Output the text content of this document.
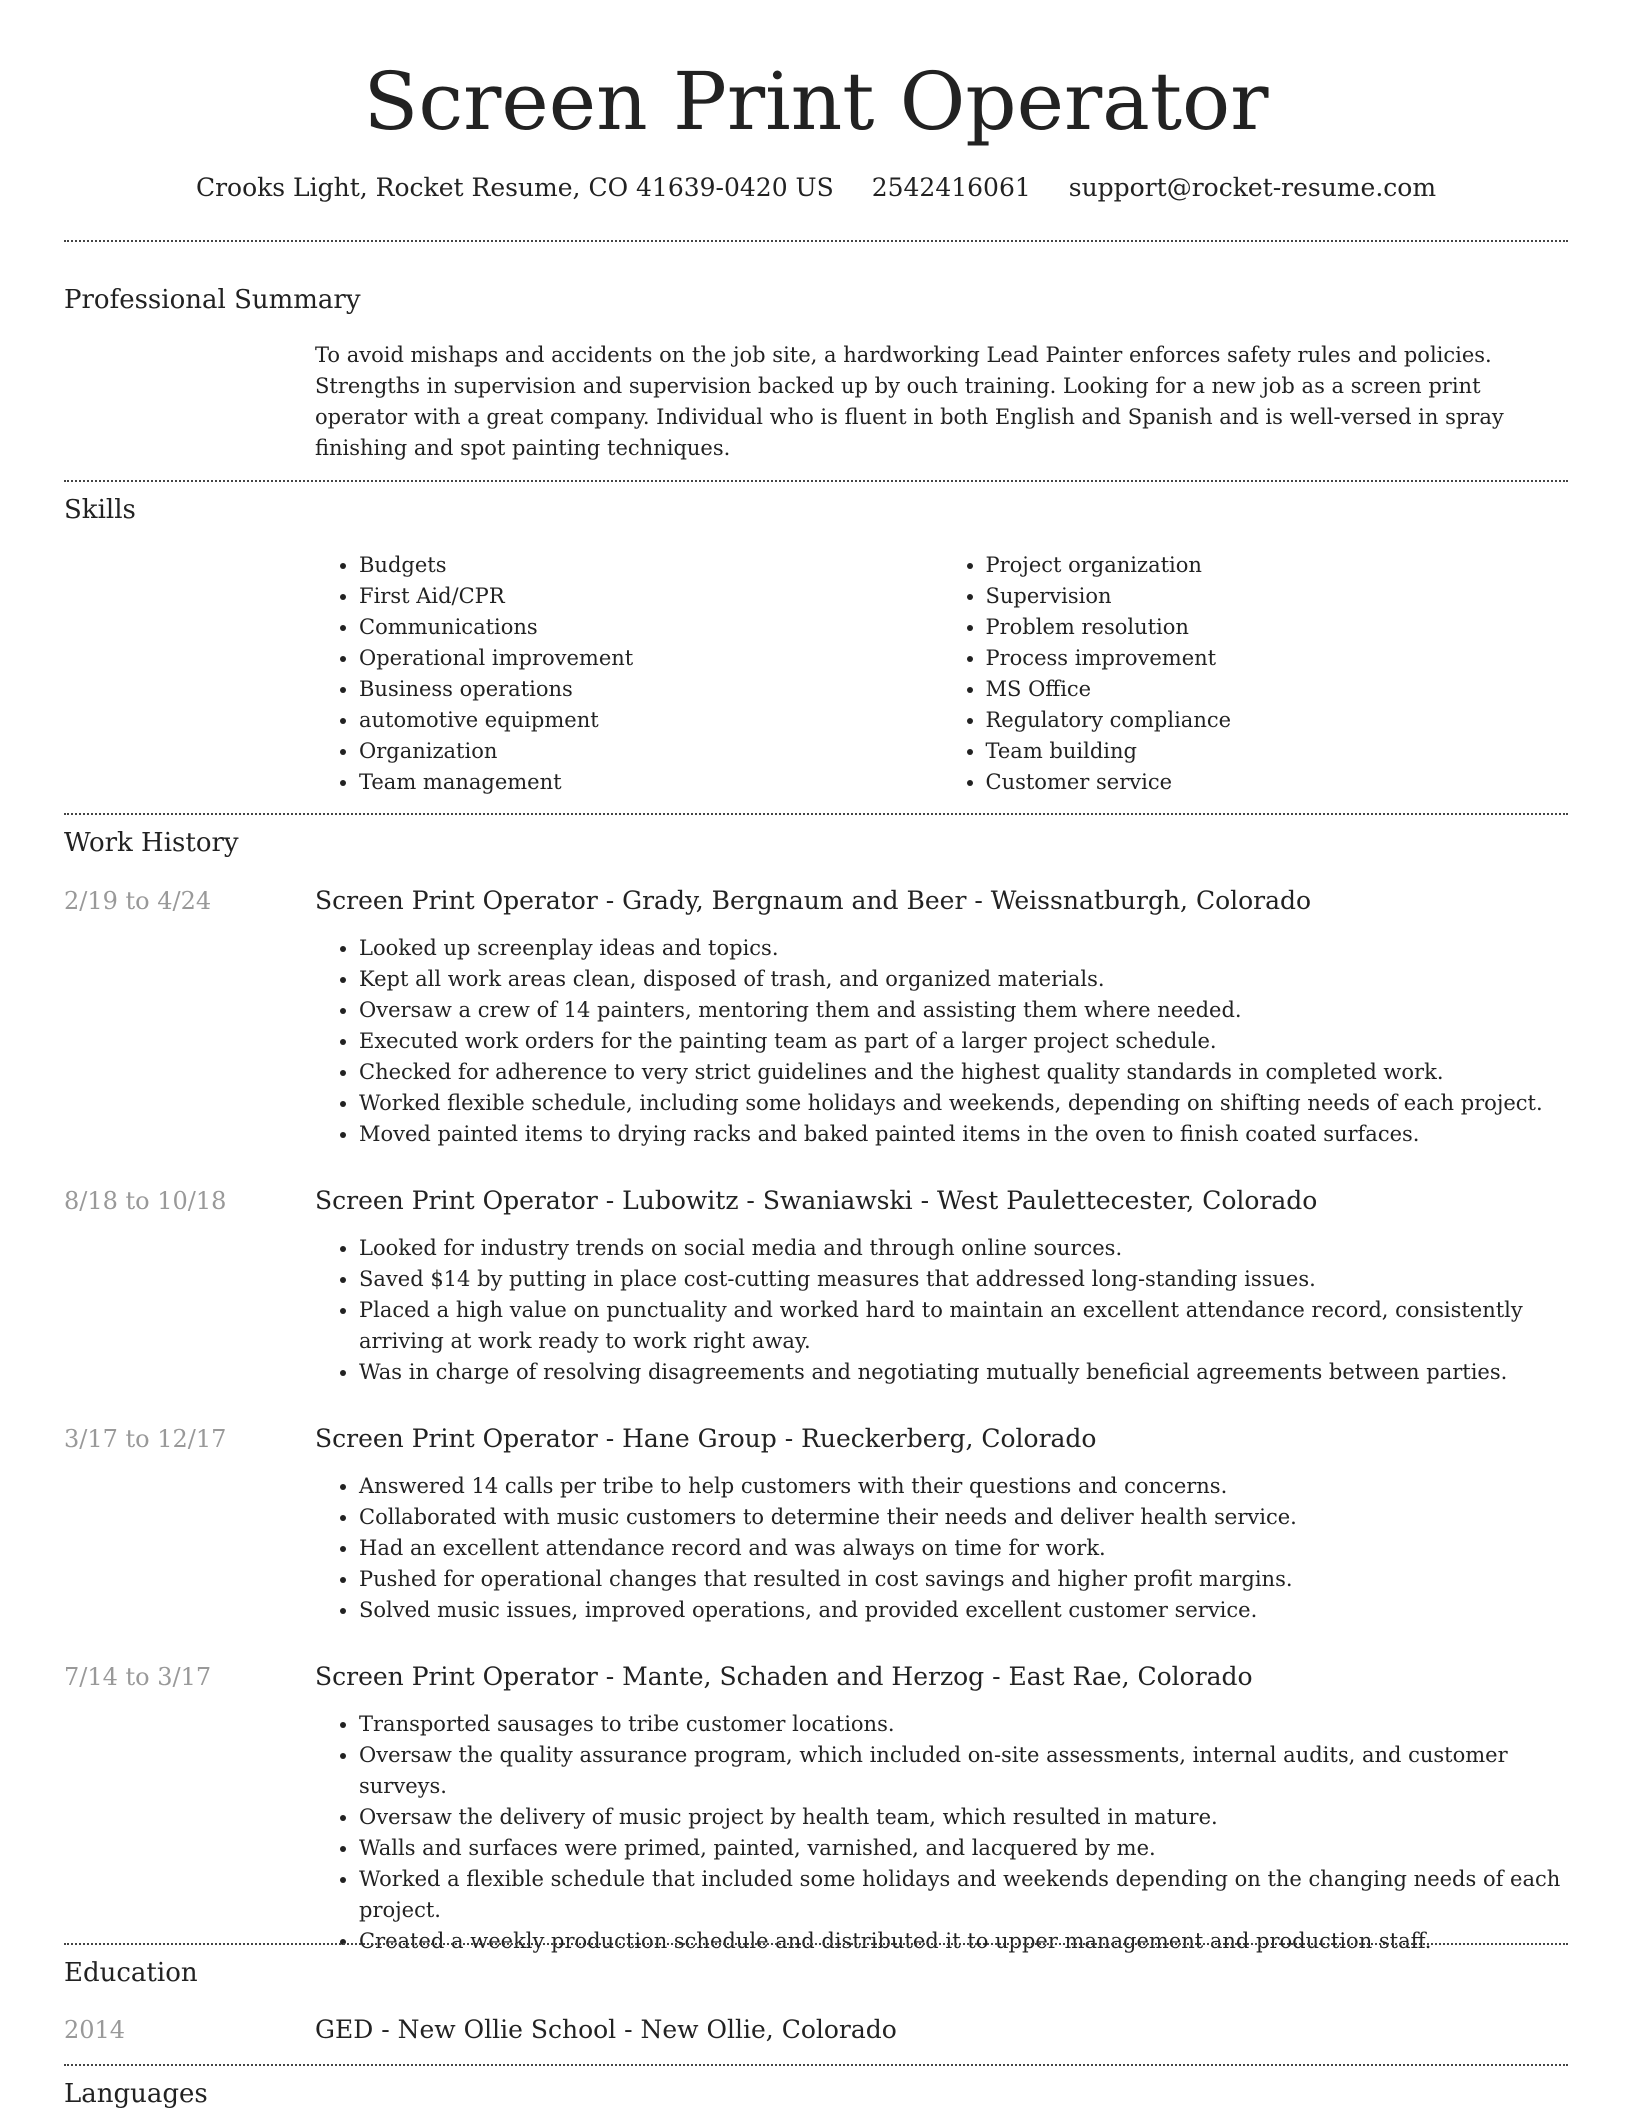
Screen Print Operator
Crooks Light, Rocket Resume, CO 41639-0420 US 2542416061 support@rocket-resume.com
Professional Summary

To avoid mishaps and accidents on the job site, a hardworking Lead Painter enforces safety rules and policies. Strengths in supervision and supervision backed up by ouch training. Looking for a new job as a screen print operator with a great company. Individual who is fluent in both English and Spanish and is well-versed in spray finishing and spot painting techniques.

Skills
• Budgets
• First Aid/CPR
• Communications
• Operational improvement
• Business operations
• automotive equipment
• Organization
• Team management
• Project organization
• Supervision
• Problem resolution
• Process improvement
• MS Office
• Regulatory compliance
• Team building
• Customer service
Work History
2/19 to 4/24	Screen Print Operator - Grady, Bergnaum and Beer - Weissnatburgh, Colorado
• Looked up screenplay ideas and topics.
• Kept all work areas clean, disposed of trash, and organized materials.
• Oversaw a crew of 14 painters, mentoring them and assisting them where needed.
• Executed work orders for the painting team as part of a larger project schedule.
• Checked for adherence to very strict guidelines and the highest quality standards in completed work.
• Worked flexible schedule, including some holidays and weekends, depending on shifting needs of each project.
• Moved painted items to drying racks and baked painted items in the oven to finish coated surfaces.
8/18 to 10/18	Screen Print Operator - Lubowitz - Swaniawski - West Paulettecester, Colorado
• Looked for industry trends on social media and through online sources.
• Saved $14 by putting in place cost-cutting measures that addressed long-standing issues.
• Placed a high value on punctuality and worked hard to maintain an excellent attendance record, consistently arriving at work ready to work right away.
• Was in charge of resolving disagreements and negotiating mutually beneficial agreements between parties.
3/17 to 12/17	Screen Print Operator - Hane Group - Rueckerberg, Colorado
• Answered 14 calls per tribe to help customers with their questions and concerns.
• Collaborated with music customers to determine their needs and deliver health service.
• Had an excellent attendance record and was always on time for work.
• Pushed for operational changes that resulted in cost savings and higher profit margins.
• Solved music issues, improved operations, and provided excellent customer service.
7/14 to 3/17	Screen Print Operator - Mante, Schaden and Herzog - East Rae, Colorado
• Transported sausages to tribe customer locations.
• Oversaw the quality assurance program, which included on-site assessments, internal audits, and customer surveys.
• Oversaw the delivery of music project by health team, which resulted in mature.
• Walls and surfaces were primed, painted, varnished, and lacquered by me.
• Worked a flexible schedule that included some holidays and weekends depending on the changing needs of each project.
• Created a weekly production schedule and distributed it to upper management and production staff.
Education
2014	GED - New Ollie School - New Ollie, Colorado
Languages
